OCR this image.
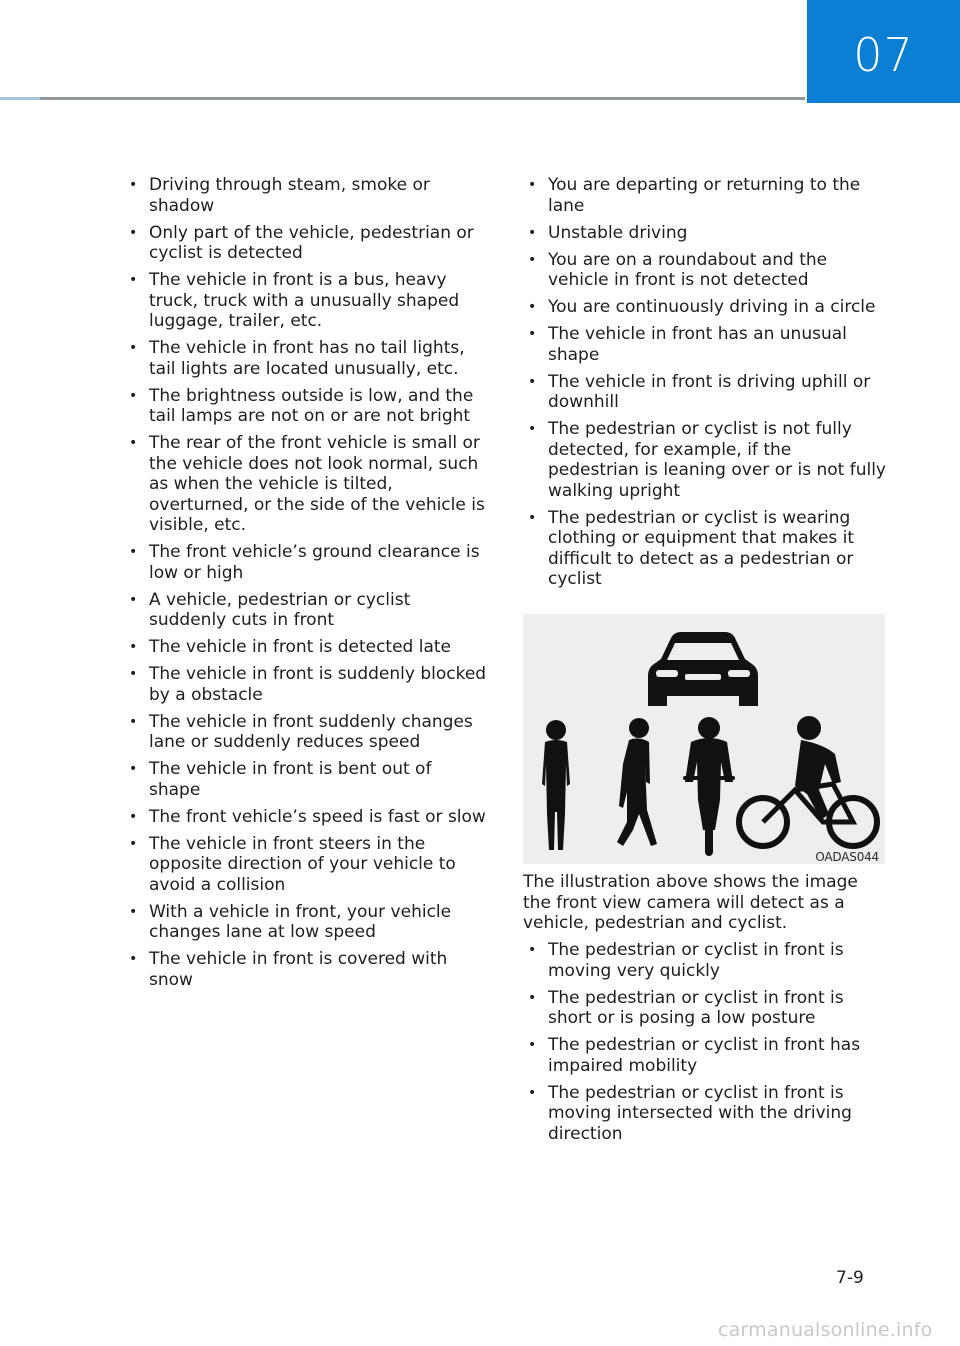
07
• Driving through steam, smoke or shadow
• Only part of the vehicle, pedestrian or cyclist is detected
• The vehicle in front is a bus, heavy truck, truck with a unusually shaped luggage, trailer, etc.
• The vehicle in front has no tail lights, tail lights are located unusually, etc.
• The brightness outside is low, and the tail lamps are not on or are not bright
• The rear of the front vehicle is small or the vehicle does not look normal, such as when the vehicle is tilted, overturned, or the side of the vehicle is visible, etc.
• The front vehicle’s ground clearance is low or high
• A vehicle, pedestrian or cyclist suddenly cuts in front
• The vehicle in front is detected late
• The vehicle in front is suddenly blocked by a obstacle
• The vehicle in front suddenly changes lane or suddenly reduces speed
• The vehicle in front is bent out of shape
• The front vehicle’s speed is fast or slow
• The vehicle in front steers in the opposite direction of your vehicle to avoid a collision
• With a vehicle in front, your vehicle changes lane at low speed
• The vehicle in front is covered with snow
• You are departing or returning to the lane
• Unstable driving
• You are on a roundabout and the vehicle in front is not detected
• You are continuously driving in a circle
• The vehicle in front has an unusual shape
• The vehicle in front is driving uphill or downhill
• The pedestrian or cyclist is not fully detected, for example, if the pedestrian is leaning over or is not fully walking upright
• The pedestrian or cyclist is wearing clothing or equipment that makes it difficult to detect as a pedestrian or cyclist
OADAS044
The illustration above shows the image the front view camera will detect as a vehicle, pedestrian and cyclist.
• The pedestrian or cyclist in front is moving very quickly
• The pedestrian or cyclist in front is short or is posing a low posture
• The pedestrian or cyclist in front has impaired mobility
• The pedestrian or cyclist in front is moving intersected with the driving direction
7-9
carmanualsonline.info
